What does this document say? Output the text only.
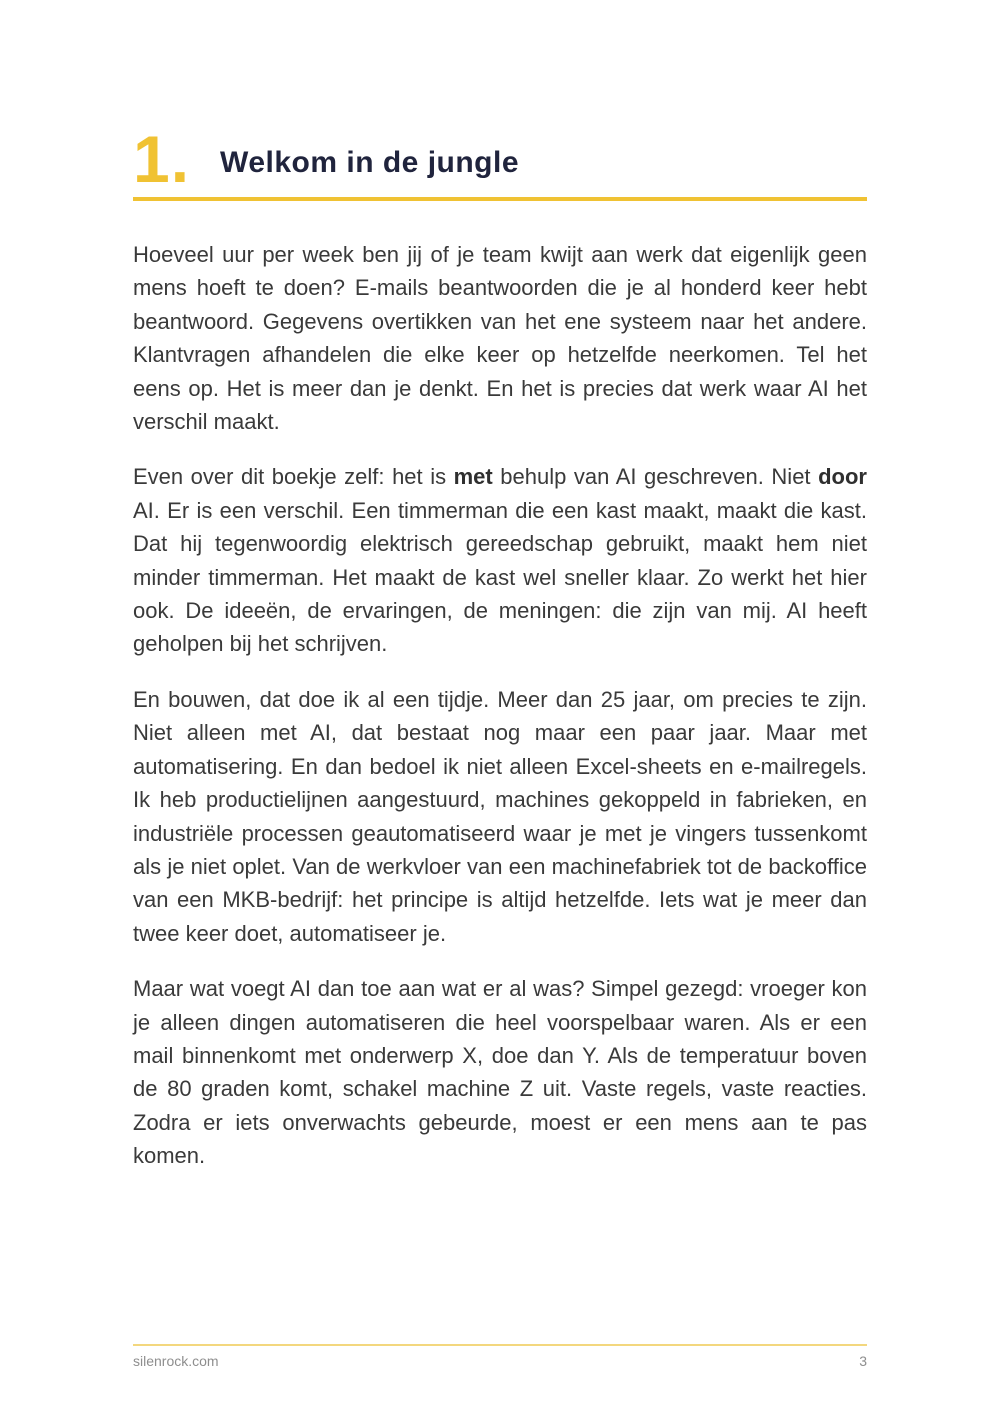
1. Welkom in de jungle

Hoeveel uur per week ben jij of je team kwijt aan werk dat eigenlijk geen mens hoeft te doen? E-mails beantwoorden die je al honderd keer hebt beantwoord. Gegevens overtikken van het ene systeem naar het andere. Klantvragen afhandelen die elke keer op hetzelfde neerkomen. Tel het eens op. Het is meer dan je denkt. En het is precies dat werk waar AI het verschil maakt.

Even over dit boekje zelf: het is met behulp van AI geschreven. Niet door AI. Er is een verschil. Een timmerman die een kast maakt, maakt die kast. Dat hij tegenwoordig elektrisch gereedschap gebruikt, maakt hem niet minder timmerman. Het maakt de kast wel sneller klaar. Zo werkt het hier ook. De ideeën, de ervaringen, de meningen: die zijn van mij. AI heeft geholpen bij het schrijven.

En bouwen, dat doe ik al een tijdje. Meer dan 25 jaar, om precies te zijn. Niet alleen met AI, dat bestaat nog maar een paar jaar. Maar met automatisering. En dan bedoel ik niet alleen Excel-sheets en e-mailregels. Ik heb productielijnen aangestuurd, machines gekoppeld in fabrieken, en industriële processen geautomatiseerd waar je met je vingers tussenkomt als je niet oplet. Van de werkvloer van een machinefabriek tot de backoffice van een MKB-bedrijf: het principe is altijd hetzelfde. Iets wat je meer dan twee keer doet, automatiseer je.

Maar wat voegt AI dan toe aan wat er al was? Simpel gezegd: vroeger kon je alleen dingen automatiseren die heel voorspelbaar waren. Als er een mail binnenkomt met onderwerp X, doe dan Y. Als de temperatuur boven de 80 graden komt, schakel machine Z uit. Vaste regels, vaste reacties. Zodra er iets onverwachts gebeurde, moest er een mens aan te pas komen.

silenrock.com	3
